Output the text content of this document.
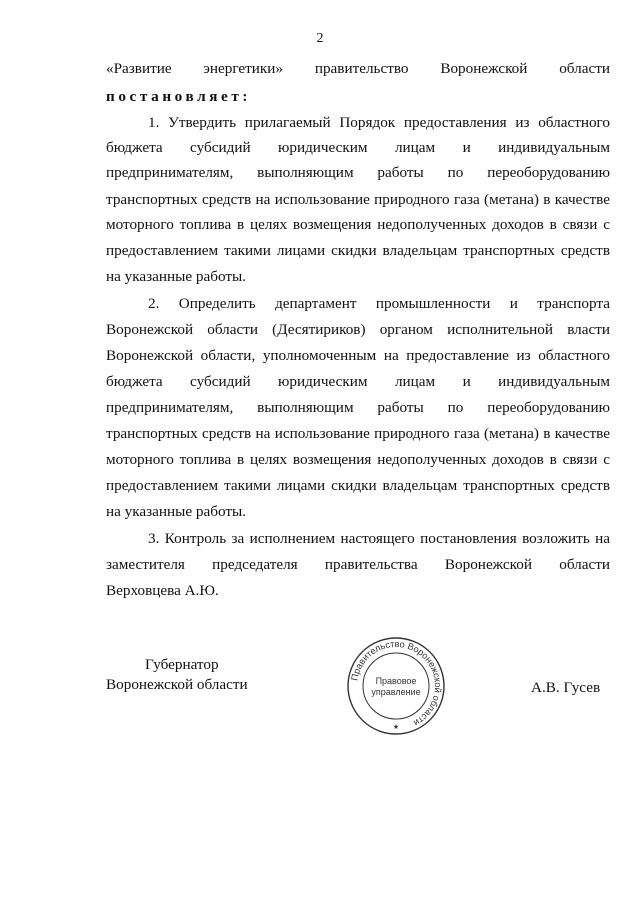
2
«Развитие энергетики» правительство Воронежской области
постановляет:
1. Утвердить прилагаемый Порядок предоставления из областного
бюджета субсидий юридическим лицам и индивидуальным
предпринимателям, выполняющим работы по переоборудованию
транспортных средств на использование природного газа (метана) в качестве
моторного топлива в целях возмещения недополученных доходов в связи с
предоставлением такими лицами скидки владельцам транспортных средств
на указанные работы.
2. Определить департамент промышленности и транспорта
Воронежской области (Десятириков) органом исполнительной власти
Воронежской области, уполномоченным на предоставление из областного
бюджета субсидий юридическим лицам и индивидуальным
предпринимателям, выполняющим работы по переоборудованию
транспортных средств на использование природного газа (метана) в качестве
моторного топлива в целях возмещения недополученных доходов в связи с
предоставлением такими лицами скидки владельцам транспортных средств
на указанные работы.
3. Контроль за исполнением настоящего постановления возложить на
заместителя председателя правительства Воронежской области
Верховцева А.Ю.
Губернатор
Воронежской области	А.В. Гусев
Правительство Воронежской области
Правовое
управление
★
